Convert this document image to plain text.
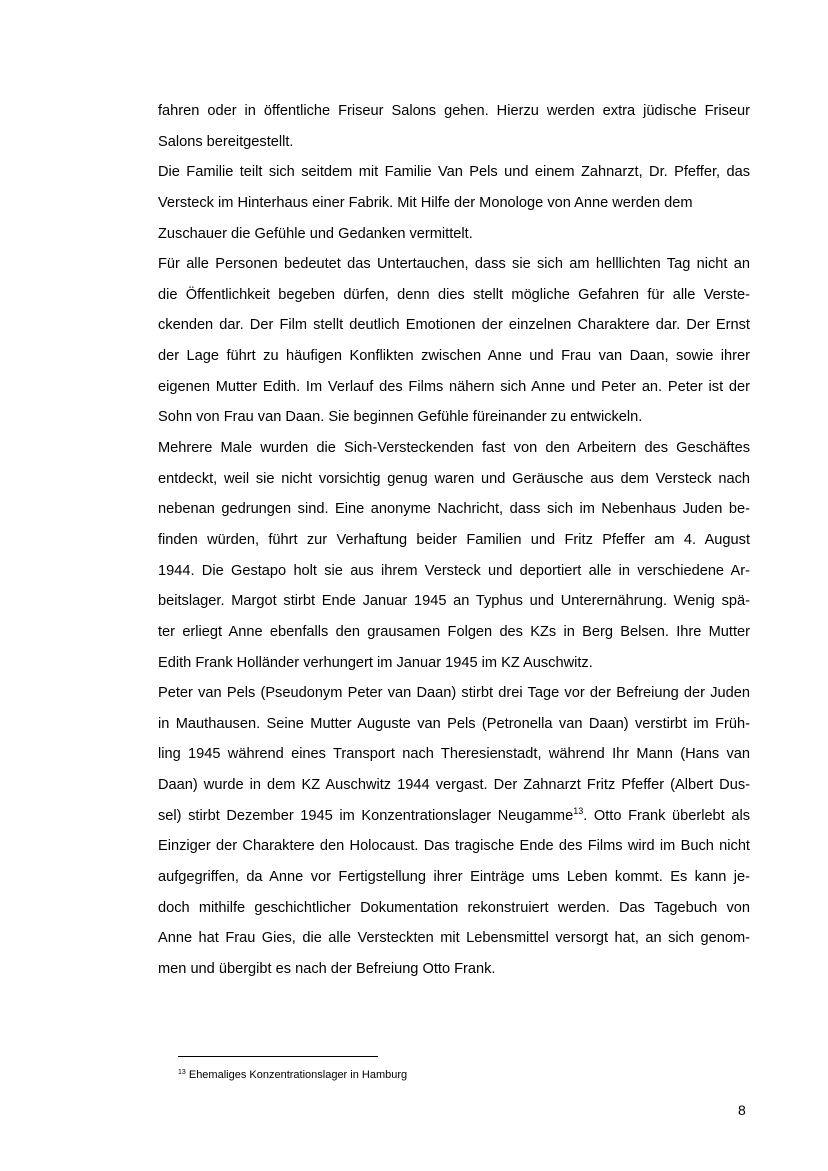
fahren oder in öffentliche Friseur Salons gehen. Hierzu werden extra jüdische Friseur
Salons bereitgestellt.
Die Familie teilt sich seitdem mit Familie Van Pels und einem Zahnarzt, Dr. Pfeffer, das
Versteck im Hinterhaus einer Fabrik. Mit Hilfe der Monologe von Anne werden dem
Zuschauer die Gefühle und Gedanken vermittelt.
Für alle Personen bedeutet das Untertauchen, dass sie sich am helllichten Tag nicht an
die Öffentlichkeit begeben dürfen, denn dies stellt mögliche Gefahren für alle Verste-
ckenden dar. Der Film stellt deutlich Emotionen der einzelnen Charaktere dar. Der Ernst
der Lage führt zu häufigen Konflikten zwischen Anne und Frau van Daan, sowie ihrer
eigenen Mutter Edith. Im Verlauf des Films nähern sich Anne und Peter an. Peter ist der
Sohn von Frau van Daan. Sie beginnen Gefühle füreinander zu entwickeln.
Mehrere Male wurden die Sich-Versteckenden fast von den Arbeitern des Geschäftes
entdeckt, weil sie nicht vorsichtig genug waren und Geräusche aus dem Versteck nach
nebenan gedrungen sind. Eine anonyme Nachricht, dass sich im Nebenhaus Juden be-
finden würden, führt zur Verhaftung beider Familien und Fritz Pfeffer am 4. August
1944. Die Gestapo holt sie aus ihrem Versteck und deportiert alle in verschiedene Ar-
beitslager. Margot stirbt Ende Januar 1945 an Typhus und Unterernährung. Wenig spä-
ter erliegt Anne ebenfalls den grausamen Folgen des KZs in Berg Belsen. Ihre Mutter
Edith Frank Holländer verhungert im Januar 1945 im KZ Auschwitz.
Peter van Pels (Pseudonym Peter van Daan) stirbt drei Tage vor der Befreiung der Juden
in Mauthausen. Seine Mutter Auguste van Pels (Petronella van Daan) verstirbt im Früh-
ling 1945 während eines Transport nach Theresienstadt, während Ihr Mann (Hans van
Daan) wurde in dem KZ Auschwitz 1944 vergast. Der Zahnarzt Fritz Pfeffer (Albert Dus-
sel) stirbt Dezember 1945 im Konzentrationslager Neugamme$^{13}$. Otto Frank überlebt als
Einziger der Charaktere den Holocaust. Das tragische Ende des Films wird im Buch nicht
aufgegriffen, da Anne vor Fertigstellung ihrer Einträge ums Leben kommt. Es kann je-
doch mithilfe geschichtlicher Dokumentation rekonstruiert werden. Das Tagebuch von
Anne hat Frau Gies, die alle Versteckten mit Lebensmittel versorgt hat, an sich genom-
men und übergibt es nach der Befreiung Otto Frank.
$^{13}$ Ehemaliges Konzentrationslager in Hamburg
8
